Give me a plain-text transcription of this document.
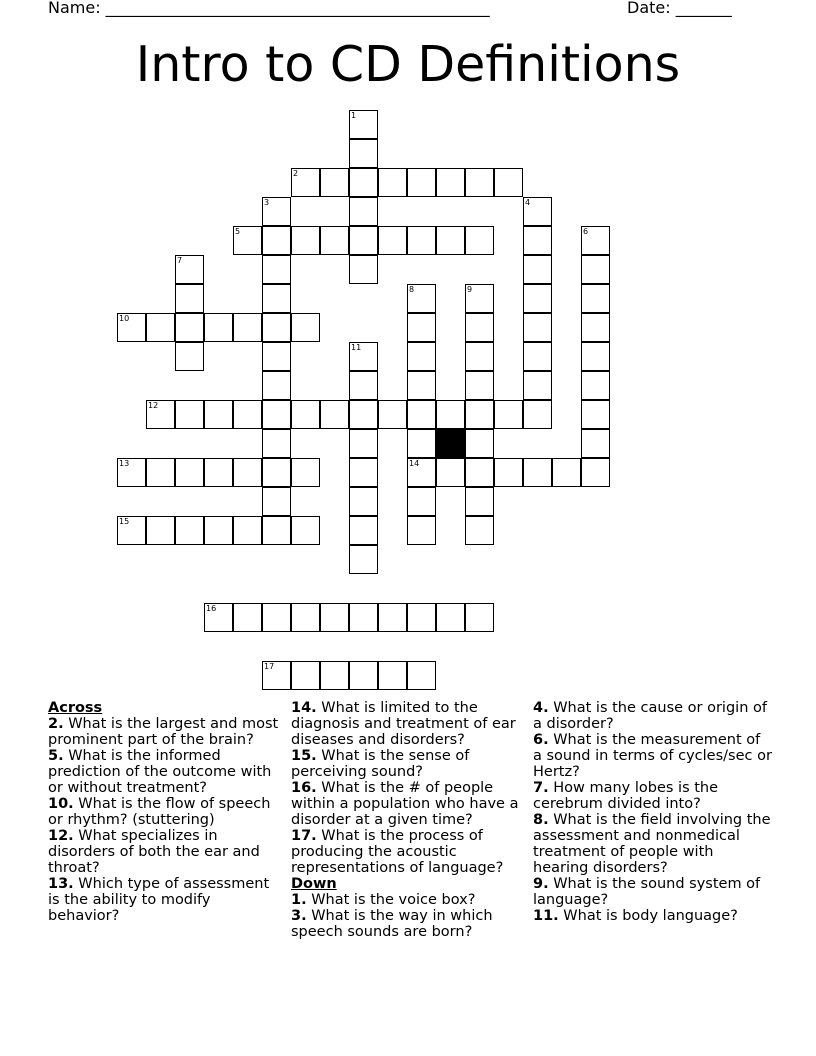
Name: ________________________________________________	Date: _______
Intro to CD Definitions
1
2
3	4
5	6
7
8
14
9
10
11
12
13
15
16
17
Across

2. What is the largest and most prominent part of the brain?

5. What is the informed prediction of the outcome with or without treatment?

10. What is the flow of speech or rhythm? (stuttering)

12. What specializes in disorders of both the ear and throat?

13. Which type of assessment is the ability to modify behavior?

14. What is limited to the diagnosis and treatment of ear diseases and disorders?

15. What is the sense of perceiving sound?

16. What is the # of people within a population who have a disorder at a given time?

17. What is the process of producing the acoustic representations of language?

Down

1. What is the voice box?

3. What is the way in which speech sounds are born?

4. What is the cause or origin of a disorder?

6. What is the measurement of a sound in terms of cycles/sec or Hertz?

7. How many lobes is the cerebrum divided into?

8. What is the field involving the assessment and nonmedical treatment of people with hearing disorders?

9. What is the sound system of language?

11. What is body language?
